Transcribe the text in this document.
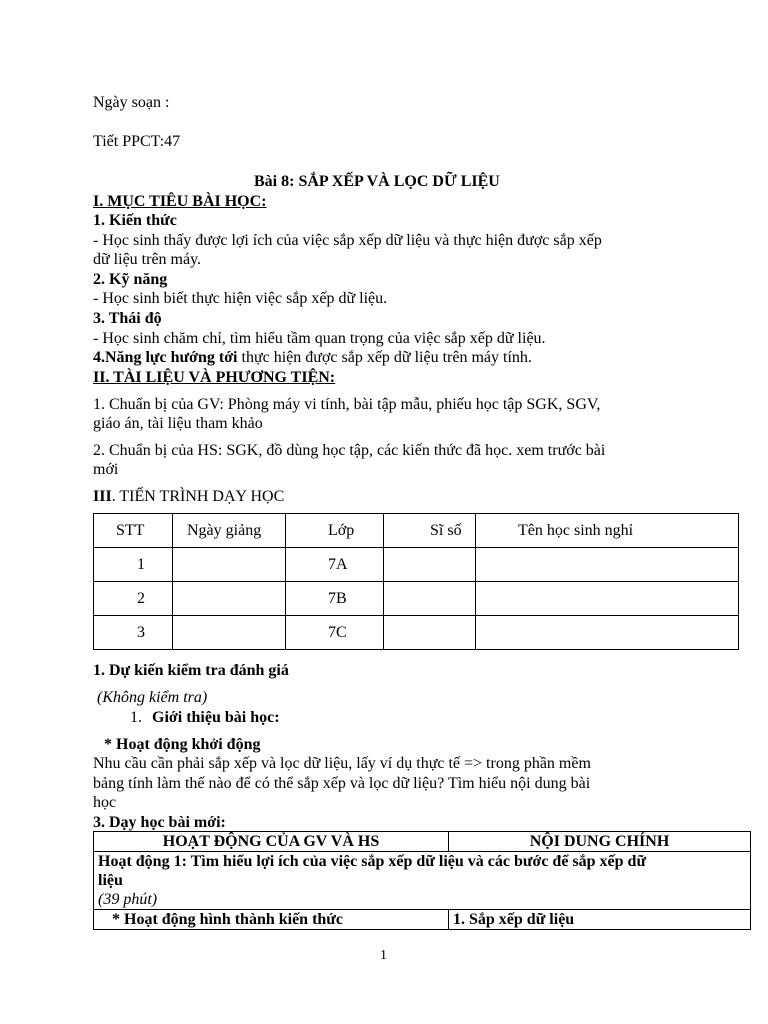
Ngày soạn :
Tiết PPCT:47
Bài 8: SẮP XẾP VÀ LỌC DỮ LIỆU
I. MỤC TIÊU BÀI HỌC:
1. Kiến thức
- Học sinh thấy được lợi ích của việc sắp xếp dữ liệu và thực hiện được sắp xếp
dữ liệu trên máy.
2. Kỹ năng
- Học sinh biết thực hiện việc sắp xếp dữ liệu.
3. Thái độ
- Học sinh chăm chỉ, tìm hiểu tầm quan trọng của việc sắp xếp dữ liệu.
4.Năng lực hướng tới thực hiện được sắp xếp dữ liệu trên máy tính.
II. TÀI LIỆU VÀ PHƯƠNG TIỆN:
1. Chuẩn bị của GV: Phòng máy vi tính, bài tập mẫu, phiếu học tập SGK, SGV,
giáo án, tài liệu tham khảo
2. Chuẩn bị của HS: SGK, đồ dùng học tập, các kiến thức đã học. xem trước bài
mới
III. TIẾN TRÌNH DẠY HỌC
STT	Ngày giảng	Lớp	Sĩ số	Tên học sinh nghỉ
1		7A		
2		7B		
3		7C		
1. Dự kiến kiểm tra đánh giá
(Không kiểm tra)
1. Giới thiệu bài học:
* Hoạt động khởi động
Nhu cầu cần phải sắp xếp và lọc dữ liệu, lấy ví dụ thực tế => trong phần mềm
bảng tính làm thế nào để có thể sắp xếp và lọc dữ liệu? Tìm hiểu nội dung bài
học
3. Dạy học bài mới:
HOẠT ĐỘNG CỦA GV VÀ HS	NỘI DUNG CHÍNH

Hoạt động 1: Tìm hiểu lợi ích của việc sắp xếp dữ liệu và các bước để sắp xếp dữ
liệu
(39 phút)	

* Hoạt động hình thành kiến thức	1. Sắp xếp dữ liệu
1
